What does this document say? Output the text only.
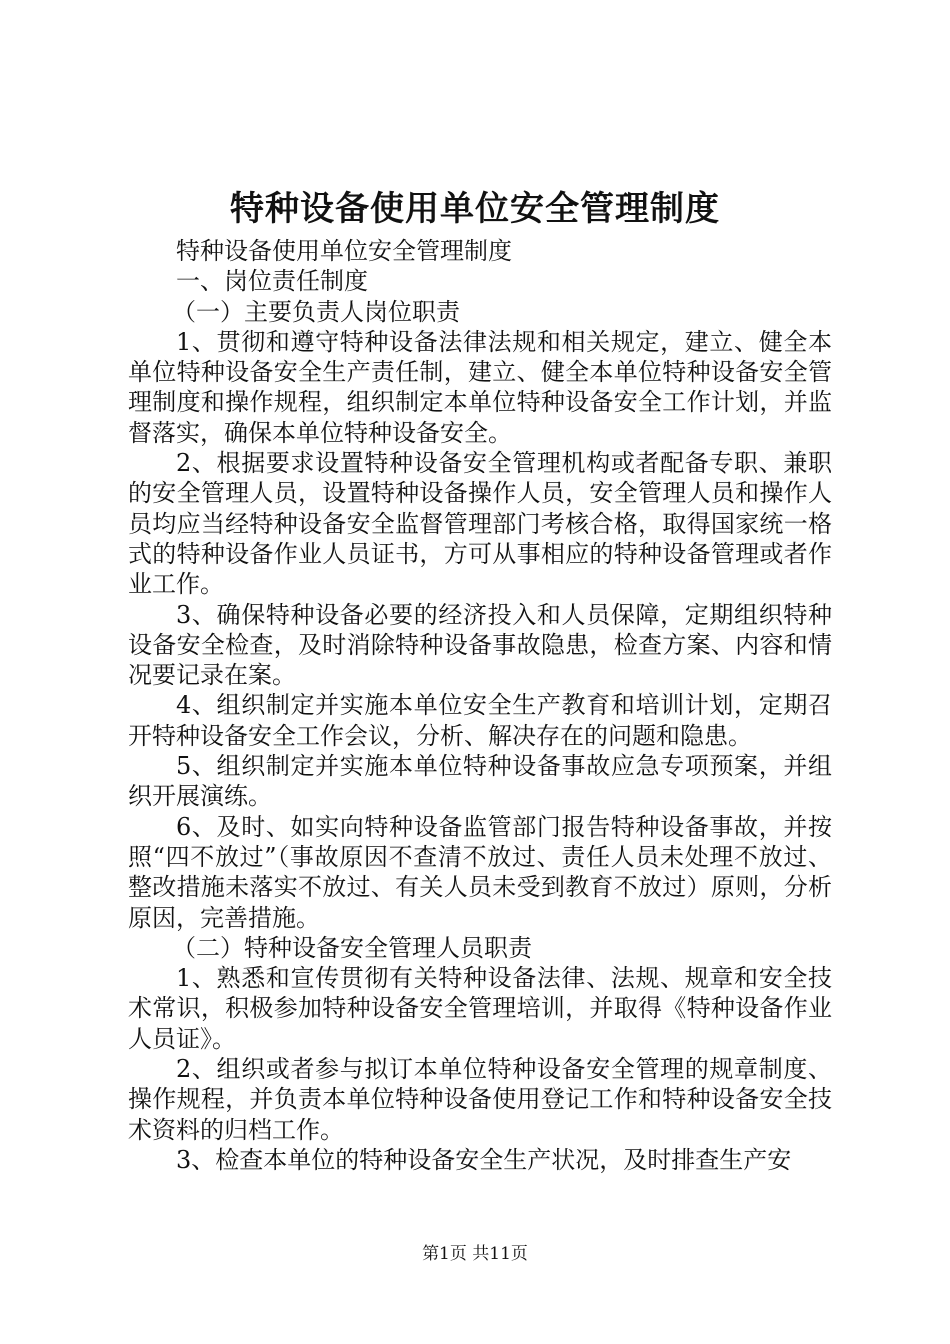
特种设备使用单位安全管理制度

特种设备使用单位安全管理制度

一、岗位责任制度

（一）主要负责人岗位职责

1、贯彻和遵守特种设备法律法规和相关规定，建立、健全本单位特种设备安全生产责任制，建立、健全本单位特种设备安全管理制度和操作规程，组织制定本单位特种设备安全工作计划，并监督落实，确保本单位特种设备安全。

2、根据要求设置特种设备安全管理机构或者配备专职、兼职的安全管理人员，设置特种设备操作人员，安全管理人员和操作人员均应当经特种设备安全监督管理部门考核合格，取得国家统一格式的特种设备作业人员证书，方可从事相应的特种设备管理或者作业工作。

3、确保特种设备必要的经济投入和人员保障，定期组织特种设备安全检查，及时消除特种设备事故隐患，检查方案、内容和情况要记录在案。

4、组织制定并实施本单位安全生产教育和培训计划，定期召开特种设备安全工作会议，分析、解决存在的问题和隐患。

5、组织制定并实施本单位特种设备事故应急专项预案，并组织开展演练。

6、及时、如实向特种设备监管部门报告特种设备事故，并按照“四不放过”（事故原因不查清不放过、责任人员未处理不放过、整改措施未落实不放过、有关人员未受到教育不放过）原则，分析原因，完善措施。

（二）特种设备安全管理人员职责

1、熟悉和宣传贯彻有关特种设备法律、法规、规章和安全技术常识，积极参加特种设备安全管理培训，并取得《特种设备作业人员证》。

2、组织或者参与拟订本单位特种设备安全管理的规章制度、操作规程，并负责本单位特种设备使用登记工作和特种设备安全技术资料的归档工作。

3、检查本单位的特种设备安全生产状况，及时排查生产安

第1页 共11页
